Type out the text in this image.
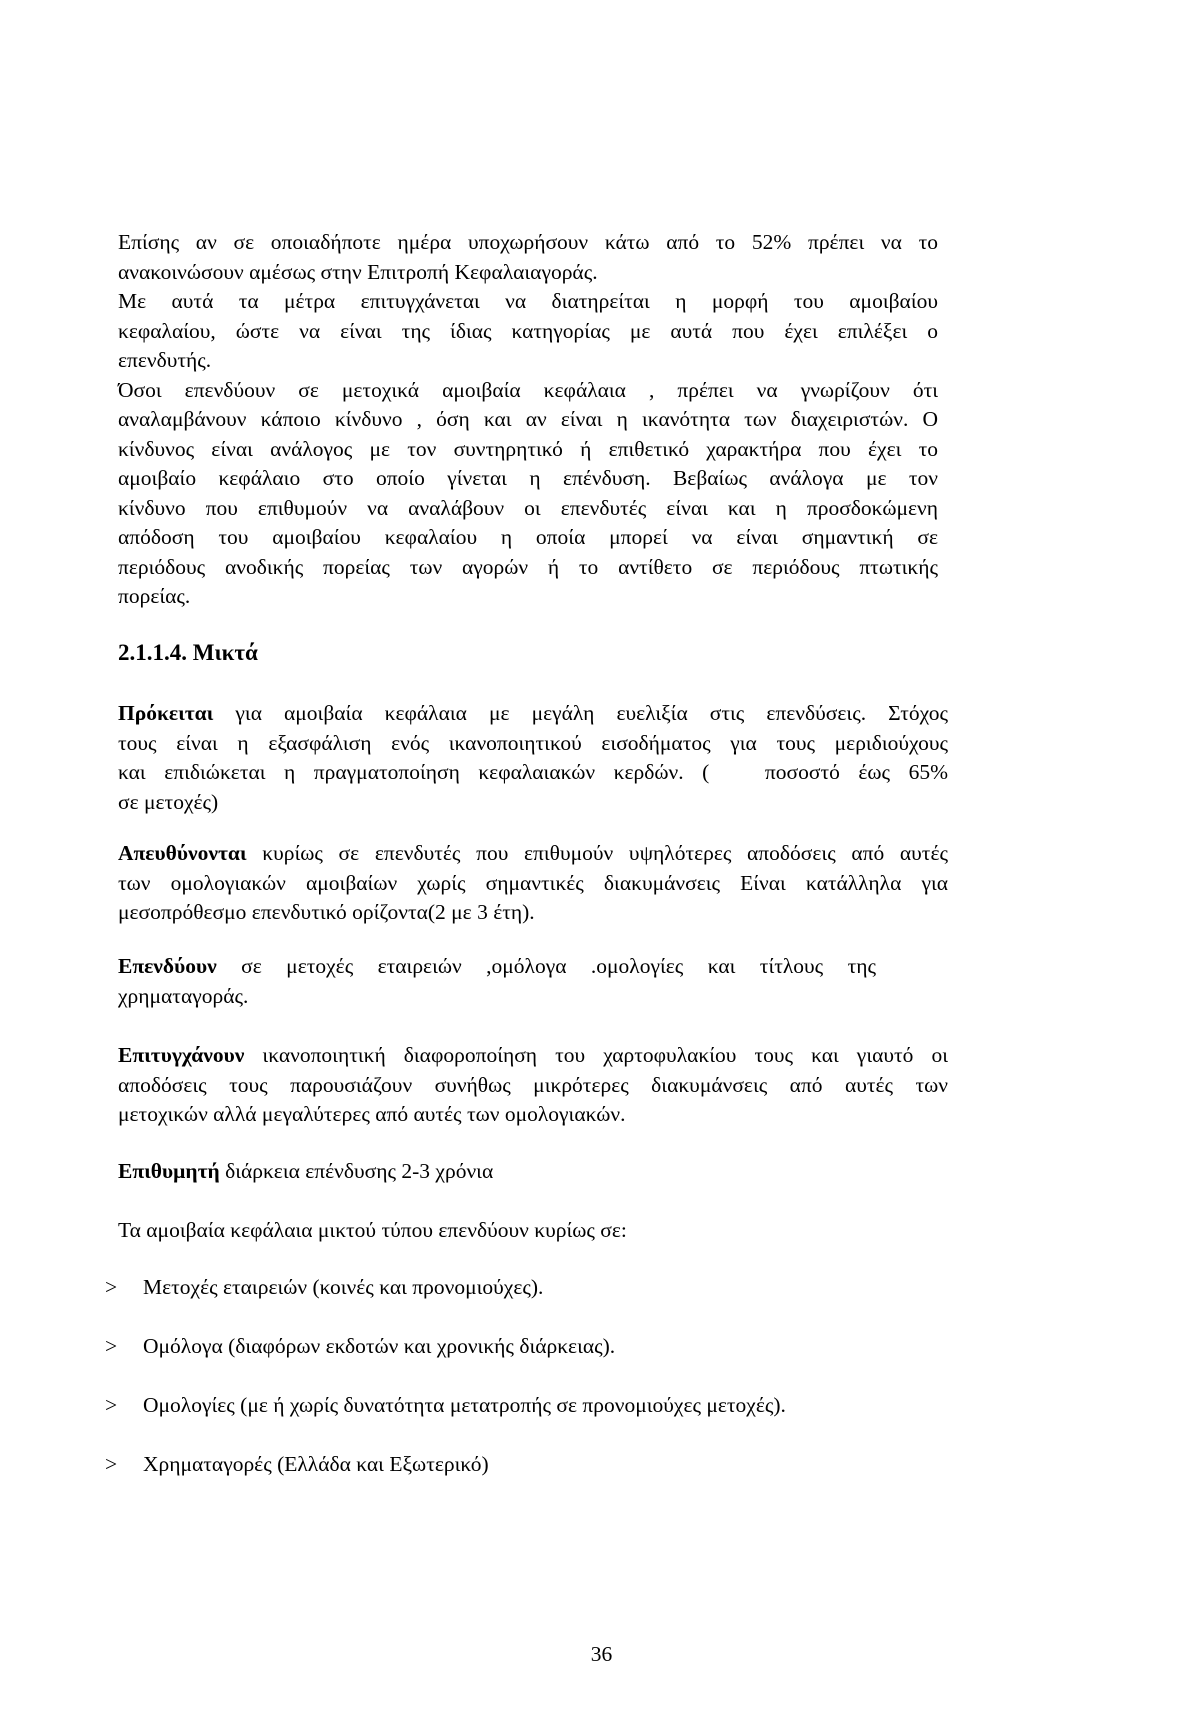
Επίσης αν σε οποιαδήποτε ημέρα υποχωρήσουν κάτω από το 52% πρέπει να το
ανακοινώσουν αμέσως στην Επιτροπή Κεφαλαιαγοράς.
Με αυτά τα μέτρα επιτυγχάνεται να διατηρείται η μορφή του αμοιβαίου
κεφαλαίου, ώστε να είναι της ίδιας κατηγορίας με αυτά που έχει επιλέξει ο
επενδυτής.
Όσοι επενδύουν σε μετοχικά αμοιβαία κεφάλαια , πρέπει να γνωρίζουν ότι
αναλαμβάνουν κάποιο κίνδυνο , όση και αν είναι η ικανότητα των διαχειριστών. Ο
κίνδυνος είναι ανάλογος με τον συντηρητικό ή επιθετικό χαρακτήρα που έχει το
αμοιβαίο κεφάλαιο στο οποίο γίνεται η επένδυση. Βεβαίως ανάλογα με τον
κίνδυνο που επιθυμούν να αναλάβουν οι επενδυτές είναι και η προσδοκώμενη
απόδοση του αμοιβαίου κεφαλαίου η οποία μπορεί να είναι σημαντική σε
περιόδους ανοδικής πορείας των αγορών ή το αντίθετο σε περιόδους πτωτικής
πορείας.
2.1.1.4. Μικτά
Πρόκειται για αμοιβαία κεφάλαια με μεγάλη ευελιξία στις επενδύσεις. Στόχος
τους είναι η εξασφάλιση ενός ικανοποιητικού εισοδήματος για τους μεριδιούχους
και επιδιώκεται η πραγματοποίηση κεφαλαιακών κερδών. (   ποσοστό έως 65%
σε μετοχές)
Απευθύνονται κυρίως σε επενδυτές που επιθυμούν υψηλότερες αποδόσεις από αυτές
των ομολογιακών αμοιβαίων χωρίς σημαντικές διακυμάνσεις Είναι κατάλληλα για
μεσοπρόθεσμο επενδυτικό ορίζοντα(2 με 3 έτη).
Επενδύουν σε μετοχές εταιρειών ,ομόλογα .ομολογίες και τίτλους της
χρηματαγοράς.
Επιτυγχάνουν ικανοποιητική διαφοροποίηση του χαρτοφυλακίου τους και γιαυτό οι
αποδόσεις τους παρουσιάζουν συνήθως μικρότερες διακυμάνσεις από αυτές των
μετοχικών αλλά μεγαλύτερες από αυτές των ομολογιακών.
Επιθυμητή διάρκεια επένδυσης 2-3 χρόνια
Τα αμοιβαία κεφάλαια μικτού τύπου επενδύουν κυρίως σε:
> Μετοχές εταιρειών (κοινές και προνομιούχες).
> Ομόλογα (διαφόρων εκδοτών και χρονικής διάρκειας).
> Ομολογίες (με ή χωρίς δυνατότητα μετατροπής σε προνομιούχες μετοχές).
> Χρηματαγορές (Ελλάδα και Εξωτερικό)
36
